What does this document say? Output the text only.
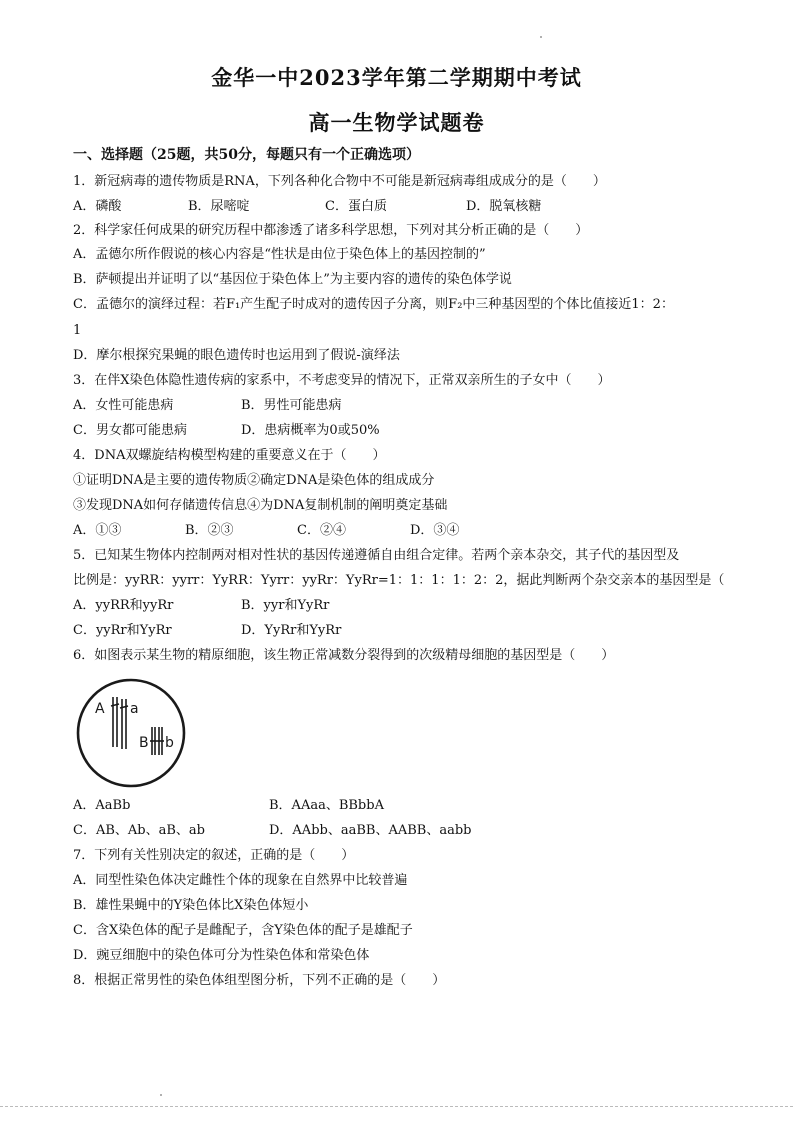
金华一中2023学年第二学期期中考试
高一生物学试题卷
一、选择题（25题，共50分，每题只有一个正确选项）
1．新冠病毒的遗传物质是RNA，下列各种化合物中不可能是新冠病毒组成成分的是（　　）
A．磷酸	B．尿嘧啶	C．蛋白质	D．脱氧核糖
2．科学家任何成果的研究历程中都渗透了诸多科学思想，下列对其分析正确的是（　　）
A．孟德尔所作假说的核心内容是“性状是由位于染色体上的基因控制的”
B．萨顿提出并证明了以“基因位于染色体上”为主要内容的遗传的染色体学说
C．孟德尔的演绎过程：若F₁产生配子时成对的遗传因子分离，则F₂中三种基因型的个体比值接近1：2：
1
D．摩尔根探究果蝇的眼色遗传时也运用到了假说-演绎法
3．在伴X染色体隐性遗传病的家系中，不考虑变异的情况下，正常双亲所生的子女中（　　）
A．女性可能患病	B．男性可能患病
C．男女都可能患病	D．患病概率为0或50%
4．DNA双螺旋结构模型构建的重要意义在于（　　）
①证明DNA是主要的遗传物质②确定DNA是染色体的组成成分
③发现DNA如何存储遗传信息④为DNA复制机制的阐明奠定基础
A．①③	B．②③	C．②④	D．③④
5．已知某生物体内控制两对相对性状的基因传递遵循自由组合定律。若两个亲本杂交，其子代的基因型及
比例是：yyRR：yyrr：YyRR：Yyrr：yyRr：YyRr=1：1：1：1：2：2，据此判断两个杂交亲本的基因型是（
A．yyRR和yyRr	B．yyr和YyRr
C．yyRr和YyRr	D．YyRr和YyRr
6．如图表示某生物的精原细胞，该生物正常减数分裂得到的次级精母细胞的基因型是（　　）
A a
B b
A．AaBb	B．AAaa、BBbbA
C．AB、Ab、aB、ab	D．AAbb、aaBB、AABB、aabb
7．下列有关性别决定的叙述，正确的是（　　）
A．同型性染色体决定雌性个体的现象在自然界中比较普遍
B．雄性果蝇中的Y染色体比X染色体短小
C．含X染色体的配子是雌配子，含Y染色体的配子是雄配子
D．豌豆细胞中的染色体可分为性染色体和常染色体
8．根据正常男性的染色体组型图分析，下列不正确的是（　　）
